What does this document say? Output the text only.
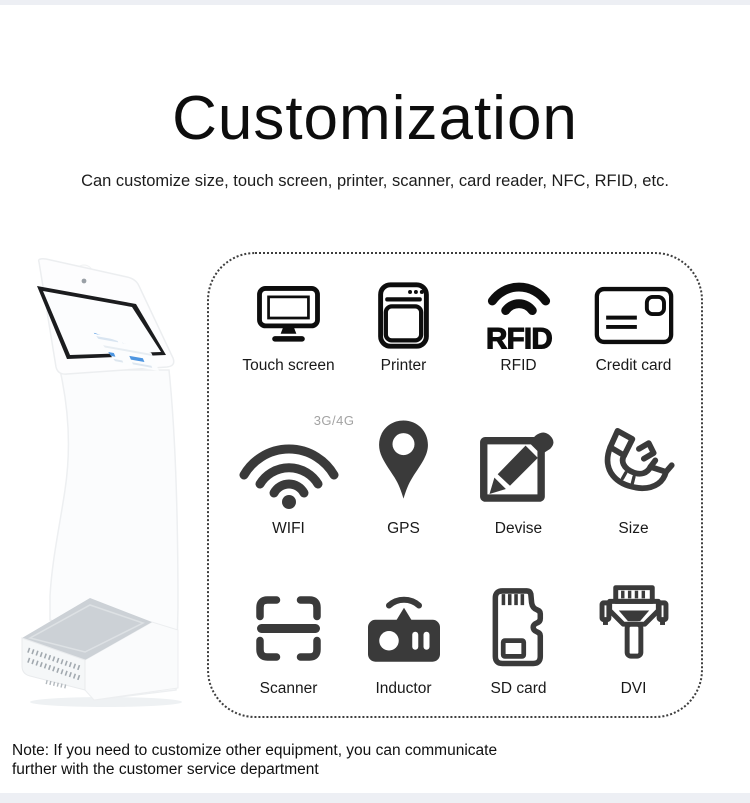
Customization

Can customize size, touch screen, printer, scanner, card reader, NFC, RFID, etc.

Touch screen	Printer
RFID
RFID	Credit card
3G/4G
WIFI	GPS	Devise	Size
Scanner	Inductor	SD card	DVI

Note: If you need to customize other equipment, you can communicate
further with the customer service department
